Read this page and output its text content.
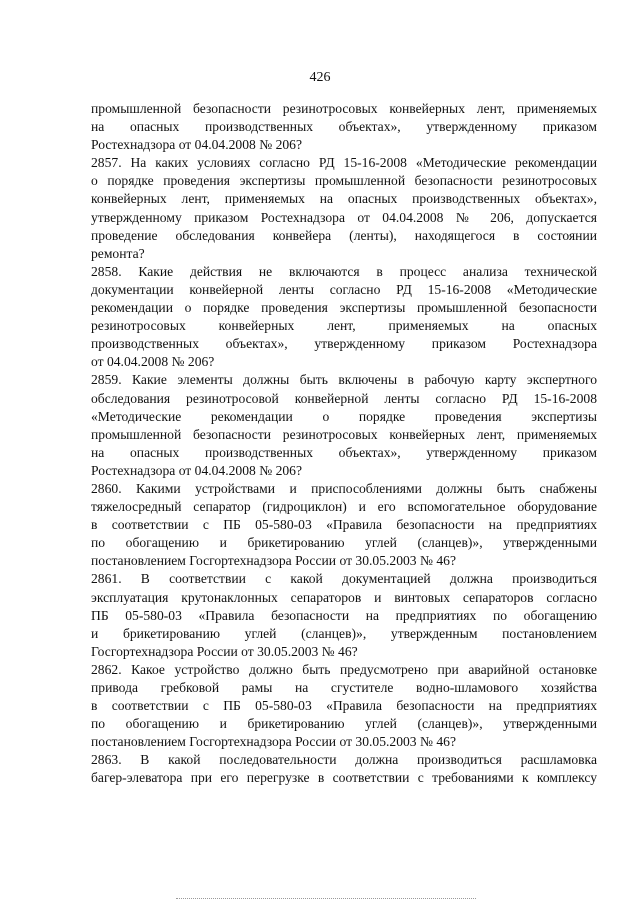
426
промышленной безопасности резинотросовых конвейерных лент, применяемых
на опасных производственных объектах», утвержденному приказом
Ростехнадзора от 04.04.2008 № 206?
2857. На каких условиях согласно РД 15-16-2008 «Методические рекомендации
о порядке проведения экспертизы промышленной безопасности резинотросовых
конвейерных лент, применяемых на опасных производственных объектах»,
утвержденному приказом Ростехнадзора от 04.04.2008 № 206, допускается
проведение обследования конвейера (ленты), находящегося в состоянии
ремонта?
2858. Какие действия не включаются в процесс анализа технической
документации конвейерной ленты согласно РД 15-16-2008 «Методические
рекомендации о порядке проведения экспертизы промышленной безопасности
резинотросовых конвейерных лент, применяемых на опасных
производственных объектах», утвержденному приказом Ростехнадзора
от 04.04.2008 № 206?
2859. Какие элементы должны быть включены в рабочую карту экспертного
обследования резинотросовой конвейерной ленты согласно РД 15-16-2008
«Методические рекомендации о порядке проведения экспертизы
промышленной безопасности резинотросовых конвейерных лент, применяемых
на опасных производственных объектах», утвержденному приказом
Ростехнадзора от 04.04.2008 № 206?
2860. Какими устройствами и приспособлениями должны быть снабжены
тяжелосредный сепаратор (гидроциклон) и его вспомогательное оборудование
в соответствии с ПБ 05-580-03 «Правила безопасности на предприятиях
по обогащению и брикетированию углей (сланцев)», утвержденными
постановлением Госгортехнадзора России от 30.05.2003 № 46?
2861. В соответствии с какой документацией должна производиться
эксплуатация крутонаклонных сепараторов и винтовых сепараторов согласно
ПБ 05-580-03 «Правила безопасности на предприятиях по обогащению
и брикетированию углей (сланцев)», утвержденным постановлением
Госгортехнадзора России от 30.05.2003 № 46?
2862. Какое устройство должно быть предусмотрено при аварийной остановке
привода гребковой рамы на сгустителе водно-шламового хозяйства
в соответствии с ПБ 05-580-03 «Правила безопасности на предприятиях
по обогащению и брикетированию углей (сланцев)», утвержденными
постановлением Госгортехнадзора России от 30.05.2003 № 46?
2863. В какой последовательности должна производиться расшламовка
багер-элеватора при его перегрузке в соответствии с требованиями к комплексу
